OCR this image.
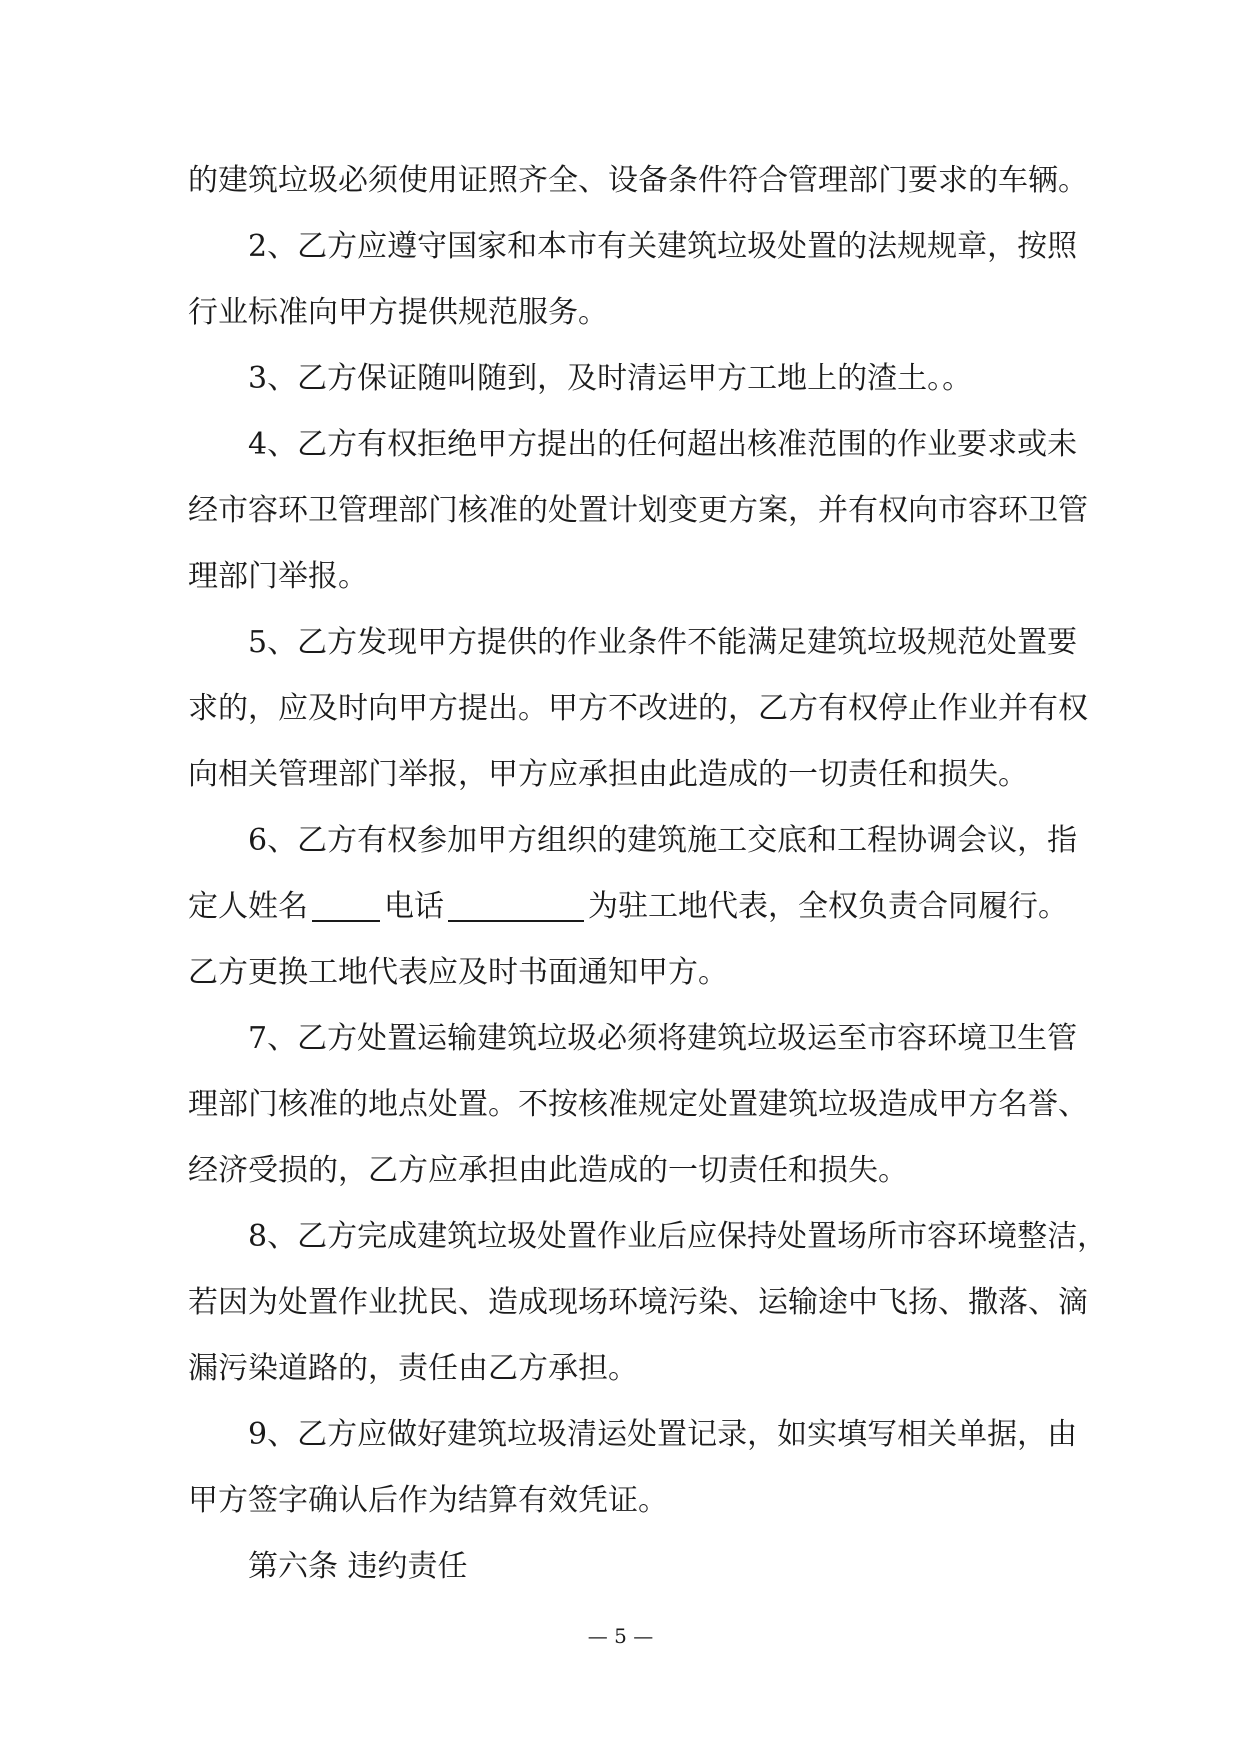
的建筑垃圾必须使用证照齐全、设备条件符合管理部门要求的车辆。
2、乙方应遵守国家和本市有关建筑垃圾处置的法规规章，按照
行业标准向甲方提供规范服务。
3、乙方保证随叫随到，及时清运甲方工地上的渣土。。
4、乙方有权拒绝甲方提出的任何超出核准范围的作业要求或未
经市容环卫管理部门核准的处置计划变更方案，并有权向市容环卫管
理部门举报。
5、乙方发现甲方提供的作业条件不能满足建筑垃圾规范处置要
求的，应及时向甲方提出。甲方不改进的，乙方有权停止作业并有权
向相关管理部门举报，甲方应承担由此造成的一切责任和损失。
6、乙方有权参加甲方组织的建筑施工交底和工程协调会议，指
定人姓名	电话	为驻工地代表，全权负责合同履行。
乙方更换工地代表应及时书面通知甲方。
7、乙方处置运输建筑垃圾必须将建筑垃圾运至市容环境卫生管
理部门核准的地点处置。不按核准规定处置建筑垃圾造成甲方名誉、
经济受损的，乙方应承担由此造成的一切责任和损失。
8、乙方完成建筑垃圾处置作业后应保持处置场所市容环境整洁，
若因为处置作业扰民、造成现场环境污染、运输途中飞扬、撒落、滴
漏污染道路的，责任由乙方承担。
9、乙方应做好建筑垃圾清运处置记录，如实填写相关单据，由
甲方签字确认后作为结算有效凭证。
第六条 违约责任
— 5 —
